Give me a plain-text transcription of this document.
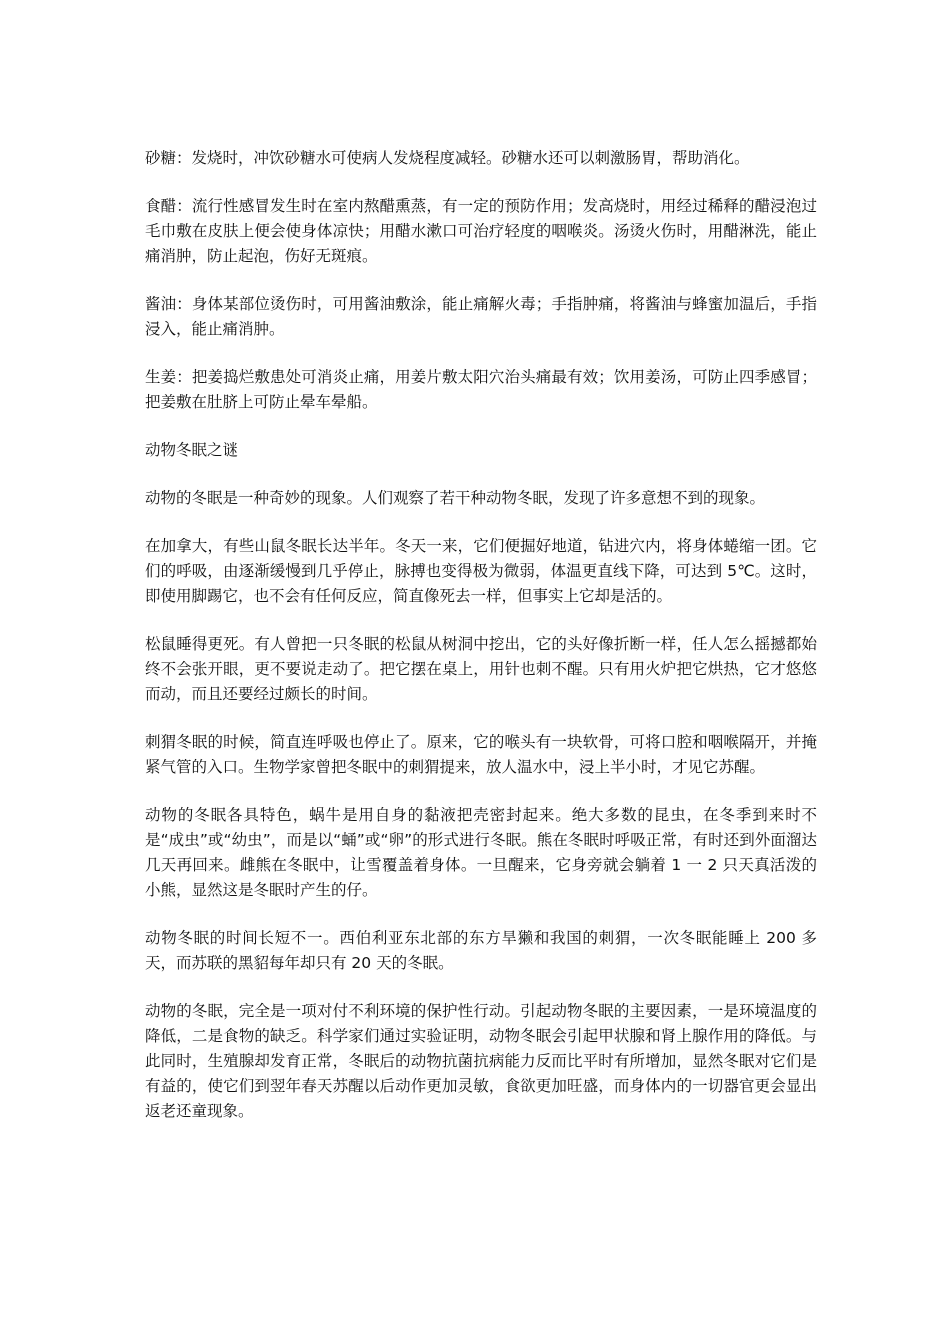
砂糖：发烧时，冲饮砂糖水可使病人发烧程度减轻。砂糖水还可以刺激肠胃，帮助消化。

食醋：流行性感冒发生时在室内熬醋熏蒸，有一定的预防作用；发高烧时，用经过稀释的醋浸泡过毛巾敷在皮肤上便会使身体凉快；用醋水漱口可治疗轻度的咽喉炎。汤烫火伤时，用醋淋洗，能止痛消肿，防止起泡，伤好无斑痕。

酱油：身体某部位烫伤时，可用酱油敷涂，能止痛解火毒；手指肿痛，将酱油与蜂蜜加温后，手指浸入，能止痛消肿。

生姜：把姜捣烂敷患处可消炎止痛，用姜片敷太阳穴治头痛最有效；饮用姜汤，可防止四季感冒；把姜敷在肚脐上可防止晕车晕船。

动物冬眠之谜

动物的冬眠是一种奇妙的现象。人们观察了若干种动物冬眠，发现了许多意想不到的现象。

在加拿大，有些山鼠冬眠长达半年。冬天一来，它们便掘好地道，钻进穴内，将身体蜷缩一团。它们的呼吸，由逐渐缓慢到几乎停止，脉搏也变得极为微弱，体温更直线下降，可达到 5℃。这时，即使用脚踢它，也不会有任何反应，简直像死去一样，但事实上它却是活的。

松鼠睡得更死。有人曾把一只冬眠的松鼠从树洞中挖出，它的头好像折断一样，任人怎么摇撼都始终不会张开眼，更不要说走动了。把它摆在桌上，用针也刺不醒。只有用火炉把它烘热，它才悠悠而动，而且还要经过颇长的时间。

刺猬冬眠的时候，简直连呼吸也停止了。原来，它的喉头有一块软骨，可将口腔和咽喉隔开，并掩紧气管的入口。生物学家曾把冬眠中的刺猬提来，放人温水中，浸上半小时，才见它苏醒。

动物的冬眠各具特色，蜗牛是用自身的黏液把壳密封起来。绝大多数的昆虫，在冬季到来时不是“成虫”或“幼虫”，而是以“蛹”或“卵”的形式进行冬眠。熊在冬眠时呼吸正常，有时还到外面溜达几天再回来。雌熊在冬眠中，让雪覆盖着身体。一旦醒来，它身旁就会躺着 1 一 2 只天真活泼的小熊，显然这是冬眠时产生的仔。

动物冬眠的时间长短不一。西伯利亚东北部的东方旱獭和我国的刺猬，一次冬眠能睡上 200 多天，而苏联的黑貂每年却只有 20 天的冬眠。

动物的冬眠，完全是一项对付不利环境的保护性行动。引起动物冬眠的主要因素，一是环境温度的降低，二是食物的缺乏。科学家们通过实验证明，动物冬眠会引起甲状腺和肾上腺作用的降低。与此同时，生殖腺却发育正常，冬眠后的动物抗菌抗病能力反而比平时有所增加，显然冬眠对它们是有益的，使它们到翌年春天苏醒以后动作更加灵敏，食欲更加旺盛，而身体内的一切器官更会显出返老还童现象。
